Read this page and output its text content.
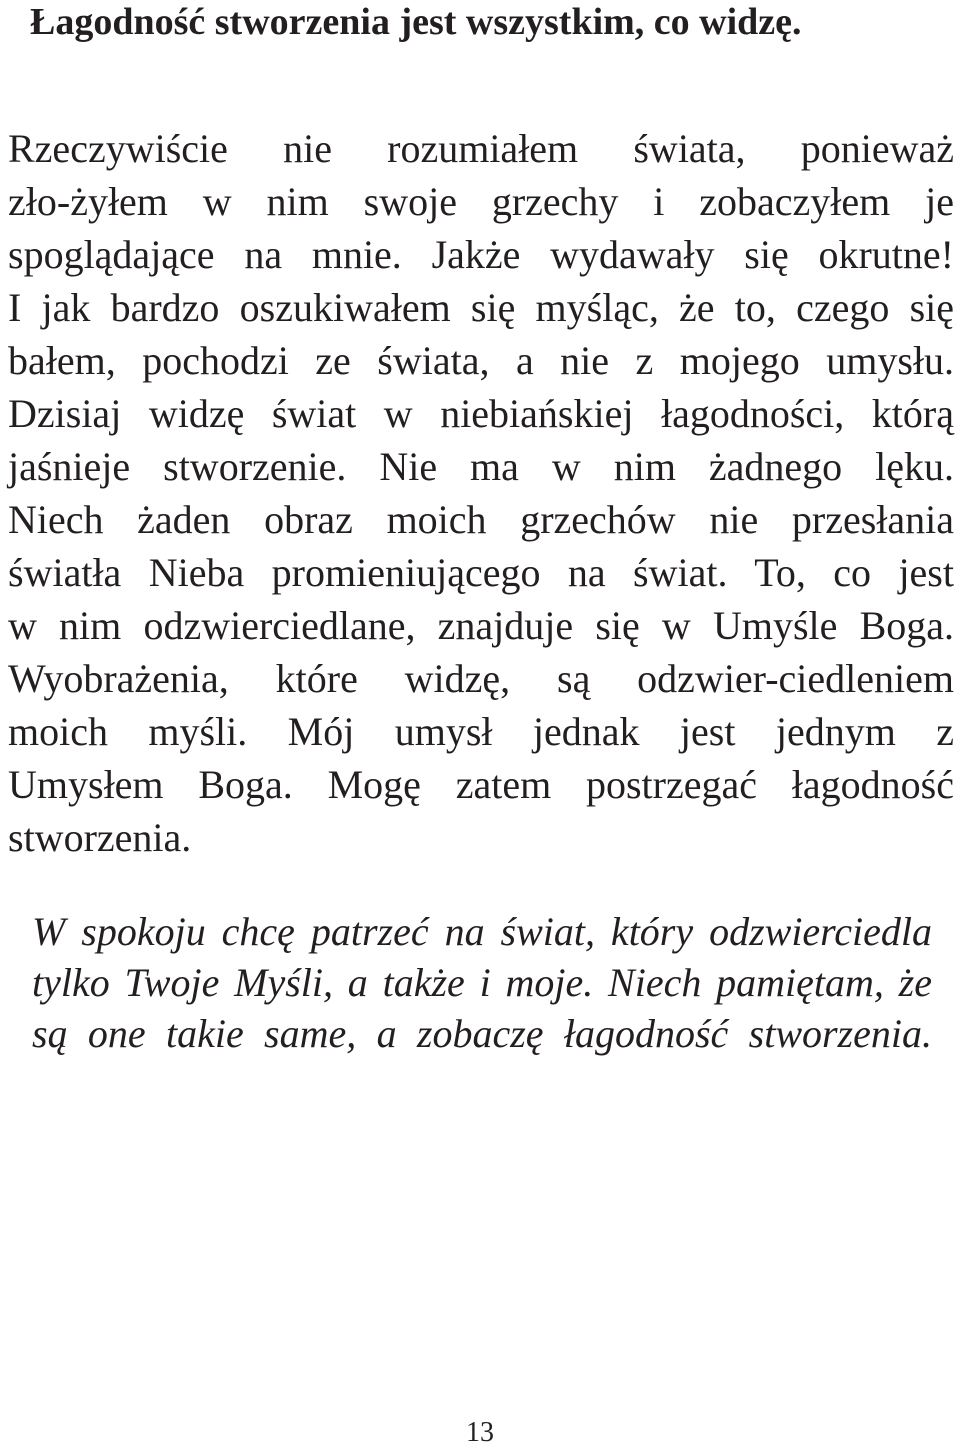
Łagodność stworzenia jest wszystkim, co widzę.
Rzeczywiście nie rozumiałem świata, ponieważ
zło-żyłem w nim swoje grzechy i zobaczyłem je
spoglądające na mnie. Jakże wydawały się okrutne!
I jak bardzo oszukiwałem się myśląc, że to, czego się
bałem, pochodzi ze świata, a nie z mojego umysłu.
Dzisiaj widzę świat w niebiańskiej łagodności, którą
jaśnieje stworzenie. Nie ma w nim żadnego lęku.
Niech żaden obraz moich grzechów nie przesłania
światła Nieba promieniującego na świat. To, co jest
w nim odzwierciedlane, znajduje się w Umyśle Boga.
Wyobrażenia, które widzę, są odzwier-ciedleniem
moich myśli. Mój umysł jednak jest jednym z
Umysłem Boga. Mogę zatem postrzegać łagodność
stworzenia.
W spokoju chcę patrzeć na świat, który odzwierciedla
tylko Twoje Myśli, a także i moje. Niech pamiętam, że
są one takie same, a zobaczę łagodność stworzenia.
13
